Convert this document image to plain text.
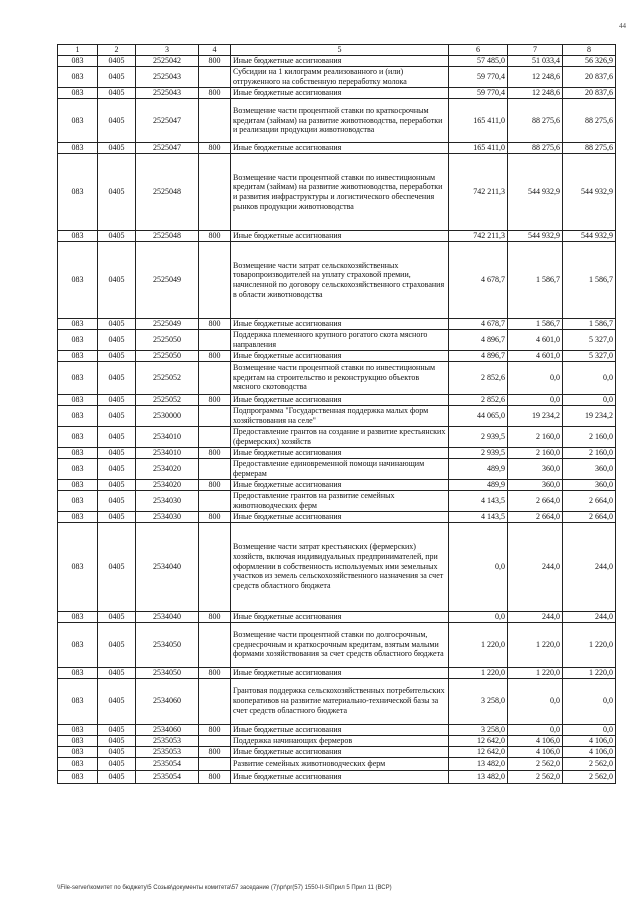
44
1	2	3	4	5	6	7	8
083	0405	2525042	800	Иные бюджетные ассигнования	57 485,0	51 033,4	56 326,9
083	0405	2525043		Субсидии на 1 килограмм реализованного и (или) отгруженного на собственную переработку молока	59 770,4	12 248,6	20 837,6
083	0405	2525043	800	Иные бюджетные ассигнования	59 770,4	12 248,6	20 837,6
083	0405	2525047		Возмещение части процентной ставки по краткосрочным кредитам (займам) на развитие животноводства, переработки и реализации продукции животноводства	165 411,0	88 275,6	88 275,6
083	0405	2525047	800	Иные бюджетные ассигнования	165 411,0	88 275,6	88 275,6
083	0405	2525048		Возмещение части процентной ставки по инвестиционным кредитам (займам) на развитие животноводства, переработки и развития инфраструктуры и логистического обеспечения рынков продукции животноводства	742 211,3	544 932,9	544 932,9
083	0405	2525048	800	Иные бюджетные ассигнования	742 211,3	544 932,9	544 932,9
083	0405	2525049		Возмещение части затрат сельскохозяйственных товаропроизводителей на уплату страховой премии, начисленной по договору сельскохозяйственного страхования в области животноводства	4 678,7	1 586,7	1 586,7
083	0405	2525049	800	Иные бюджетные ассигнования	4 678,7	1 586,7	1 586,7
083	0405	2525050		Поддержка племенного крупного рогатого скота мясного направления	4 896,7	4 601,0	5 327,0
083	0405	2525050	800	Иные бюджетные ассигнования	4 896,7	4 601,0	5 327,0
083	0405	2525052		Возмещение части процентной ставки по инвестиционным кредитам на строительство и реконструкцию объектов мясного скотоводства	2 852,6	0,0	0,0
083	0405	2525052	800	Иные бюджетные ассигнования	2 852,6	0,0	0,0
083	0405	2530000		Подпрограмма "Государственная поддержка малых форм хозяйствования на селе"	44 065,0	19 234,2	19 234,2
083	0405	2534010		Предоставление грантов на создание и развитие крестьянских (фермерских) хозяйств	2 939,5	2 160,0	2 160,0
083	0405	2534010	800	Иные бюджетные ассигнования	2 939,5	2 160,0	2 160,0
083	0405	2534020		Предоставление единовременной помощи начинающим фермерам	489,9	360,0	360,0
083	0405	2534020	800	Иные бюджетные ассигнования	489,9	360,0	360,0
083	0405	2534030		Предоставление грантов на развитие семейных животноводческих ферм	4 143,5	2 664,0	2 664,0
083	0405	2534030	800	Иные бюджетные ассигнования	4 143,5	2 664,0	2 664,0
083	0405	2534040		Возмещение части затрат крестьянских (фермерских) хозяйств, включая индивидуальных предпринимателей, при оформлении в собственность используемых ими земельных участков из земель сельскохозяйственного назначения за счет средств областного бюджета	0,0	244,0	244,0
083	0405	2534040	800	Иные бюджетные ассигнования	0,0	244,0	244,0
083	0405	2534050		Возмещение части процентной ставки по долгосрочным, среднесрочным и краткосрочным кредитам, взятым малыми формами хозяйствования за счет средств областного бюджета	1 220,0	1 220,0	1 220,0
083	0405	2534050	800	Иные бюджетные ассигнования	1 220,0	1 220,0	1 220,0
083	0405	2534060		Грантовая поддержка сельскохозяйственных потребительских кооперативов на развитие материально-технической базы за счет средств областного бюджета	3 258,0	0,0	0,0
083	0405	2534060	800	Иные бюджетные ассигнования	3 258,0	0,0	0,0
083	0405	2535053		Поддержка начинающих фермеров	12 642,0	4 106,0	4 106,0
083	0405	2535053	800	Иные бюджетные ассигнования	12 642,0	4 106,0	4 106,0
083	0405	2535054		Развитие семейных животноводческих ферм	13 482,0	2 562,0	2 562,0
083	0405	2535054	800	Иные бюджетные ассигнования	13 482,0	2 562,0	2 562,0
\\File-server\комитет по бюджету\5 Созыв\документы комитета\57 заседание (7)\pr\pr(57) 1550-II-5\Прил 5 Прил 11 (ВСР)
